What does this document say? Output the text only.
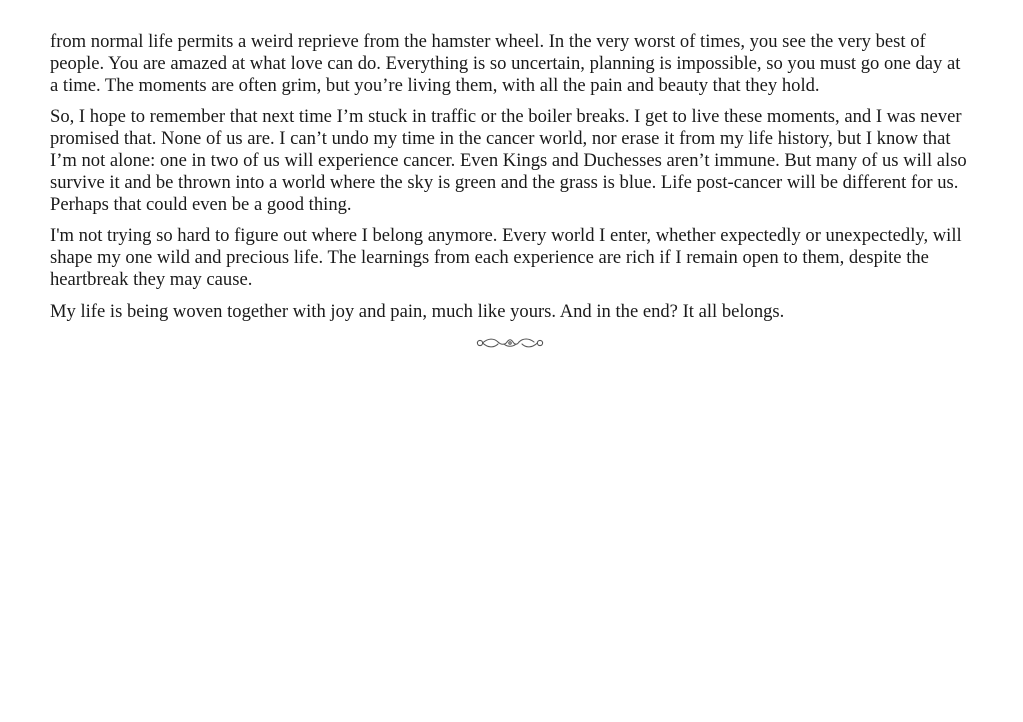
from normal life permits a weird reprieve from the hamster wheel. In the very worst of times, you see the very best of people. You are amazed at what love can do. Everything is so uncertain, planning is impossible, so you must go one day at a time. The moments are often grim, but you’re living them, with all the pain and beauty that they hold.

So, I hope to remember that next time I’m stuck in traffic or the boiler breaks. I get to live these moments, and I was never promised that. None of us are. I can’t undo my time in the cancer world, nor erase it from my life history, but I know that I’m not alone: one in two of us will experience cancer. Even Kings and Duchesses aren’t immune. But many of us will also survive it and be thrown into a world where the sky is green and the grass is blue. Life post-cancer will be different for us. Perhaps that could even be a good thing.

I'm not trying so hard to figure out where I belong anymore. Every world I enter, whether expectedly or unexpectedly, will shape my one wild and precious life. The learnings from each experience are rich if I remain open to them, despite the heartbreak they may cause.

My life is being woven together with joy and pain, much like yours. And in the end? It all belongs.
